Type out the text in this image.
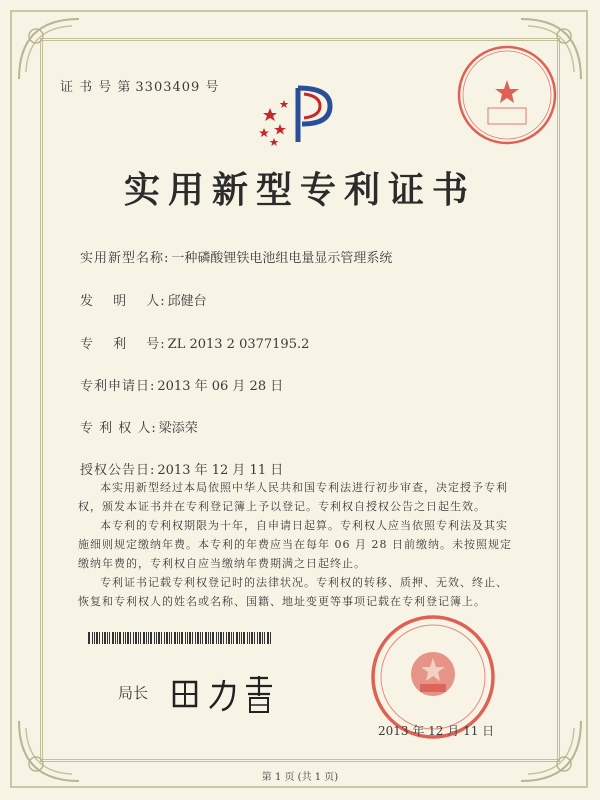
证 书 号 第 3303409 号
实用新型专利证书
实用新型名称: 一种磷酸锂铁电池组电量显示管理系统
发　 明　 人: 邱健台
专　 利　 号: ZL 2013 2 0377195.2
专利申请日: 2013 年 06 月 28 日
专 利 权 人: 梁添荣
授权公告日: 2013 年 12 月 11 日

本实用新型经过本局依照中华人民共和国专利法进行初步审查，决定授予专利权，颁发本证书并在专利登记簿上予以登记。专利权自授权公告之日起生效。

本专利的专利权期限为十年，自申请日起算。专利权人应当依照专利法及其实施细则规定缴纳年费。本专利的年费应当在每年 06 月 28 日前缴纳。未按照规定缴纳年费的，专利权自应当缴纳年费期满之日起终止。

专利证书记载专利权登记时的法律状况。专利权的转移、质押、无效、终止、恢复和专利权人的姓名或名称、国籍、地址变更等事项记载在专利登记簿上。

局长
2013 年 12 月 11 日
第 1 页 (共 1 页)
